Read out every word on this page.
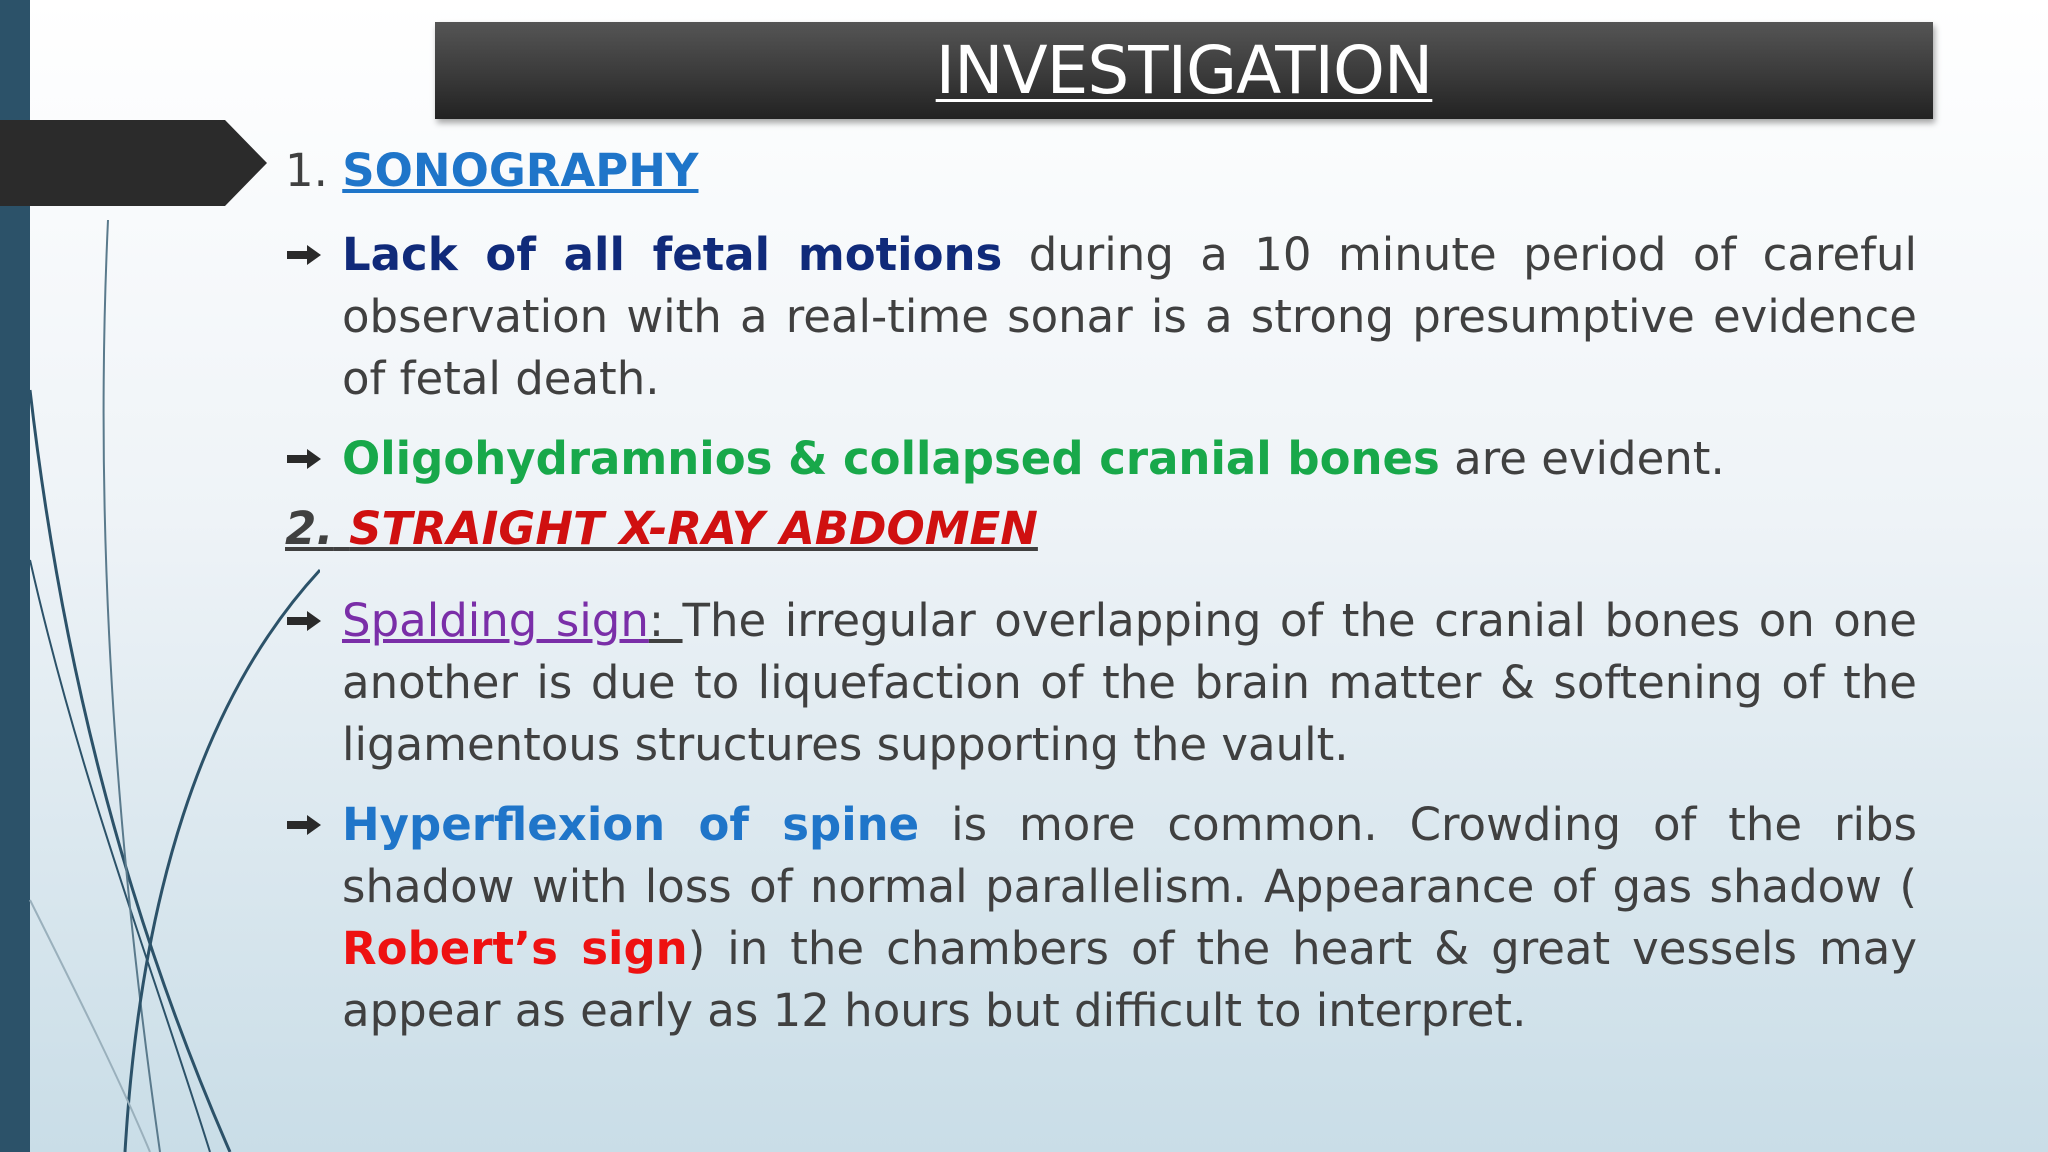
INVESTIGATION

1. SONOGRAPHY

Lack of all fetal motions during a 10 minute period of careful observation with a real-time sonar is a strong presumptive evidence of fetal death.
Oligohydramnios & collapsed cranial bones are evident.

2. STRAIGHT X-RAY ABDOMEN

Spalding sign: The irregular overlapping of the cranial bones on one another is due to liquefaction of the brain matter & softening of the ligamentous structures supporting the vault.
Hyperflexion of spine is more common. Crowding of the ribs shadow with loss of normal parallelism. Appearance of gas shadow ( Robert’s sign) in the chambers of the heart & great vessels may appear as early as 12 hours but difficult to interpret.
